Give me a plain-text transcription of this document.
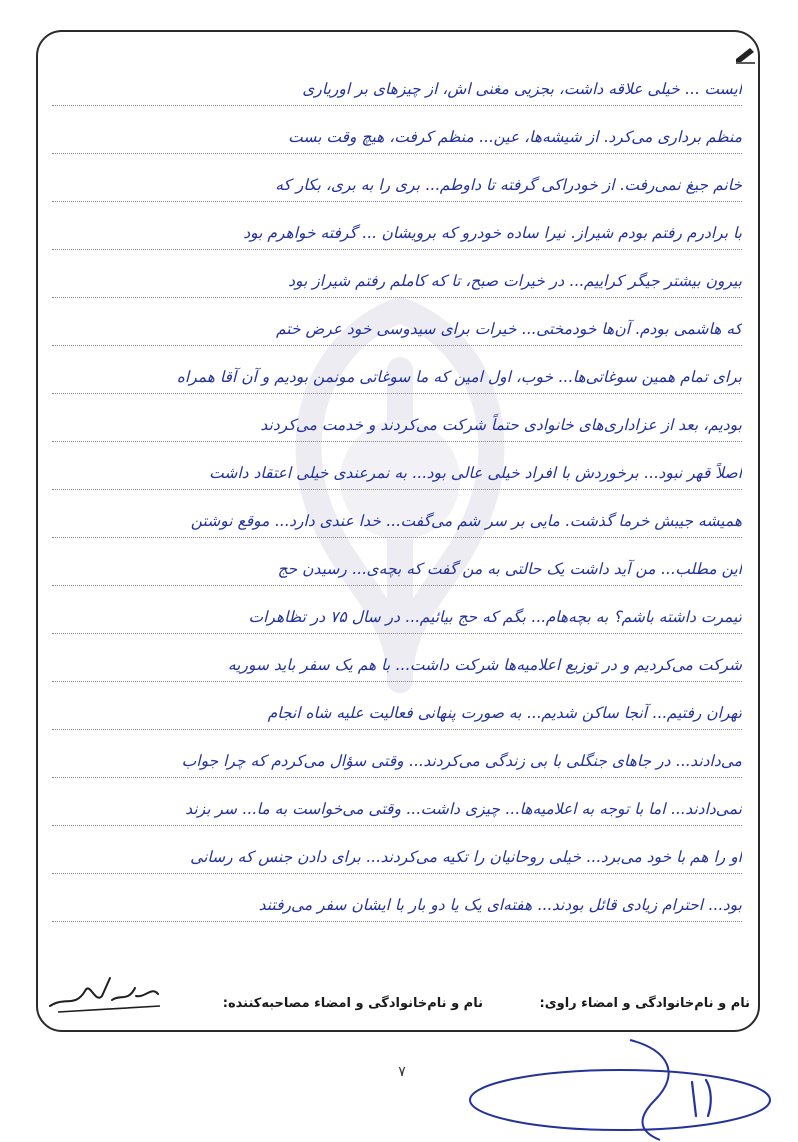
ایست ... خیلی علاقه داشت، بجزیی مغنی اش، از چیزهای بر اوریاری
منظم برداری می‌کرد. از شیشه‌ها، عین... منظم کرفت، هیچ وقت بست
خانم جیغ نمی‌رفت. از خودراکی گرفته تا داوطم... بری را به بری، بکار که
با برادرم رفتم بودم شیراز. نیرا ساده خودرو که برویشان ... گرفته خواهرم بود
بیرون بیشتر جیگر کراییم... در خیرات صبح، تا که کاملم رفتم شیراز بود
که هاشمی بودم. آن‌ها خودمختی... خیرات برای سیدوسی خود عرض ختم
برای تمام همین سوغاتی‌ها... خوب، اول امین که ما سوغاتی مونمن بودیم و آن آقا همراه
بودیم، بعد از عزاداری‌های خانوادی حتماً شرکت می‌کردند و خدمت می‌کردند
اصلاً قهر نبود... برخوردش با افراد خیلی عالی بود... به نمرعندی خیلی اعتقاد داشت
همیشه جیبش خرما گذشت. مایی بر سر شم می‌گفت... خدا عندی دارد... موقع نوشتن
این مطلب... من آید داشت یک حالتی به من گفت که بچه‌ی... رسیدن حج
تیمرت داشته باشم؟ به بچه‌هام... بگم که حج بیائیم... در سال ۷۵ در تظاهرات
شرکت می‌کردیم و در توزیع اعلامیه‌ها شرکت داشت... با هم یک سفر باید سوریه
تهران رفتیم... آنجا ساکن شدیم... به صورت پنهانی فعالیت علیه شاه انجام
می‌دادند... در جاهای جنگلی با بی زندگی می‌کردند... وقتی سؤال می‌کردم که چرا جواب
نمی‌دادند... اما با توجه به اعلامیه‌ها... چیزی داشت... وقتی می‌خواست به ما... سر بزند
او را هم با خود می‌برد... خیلی روحانیان را تکیه می‌کردند... برای دادن جنس که رسانی
بود... احترام زیادی قائل بودند... هفته‌ای یک یا دو بار با ایشان سفر می‌رفتند
نام و نام‌خانوادگی و امضاء راوی: نام و نام‌خانوادگی و امضاء مصاحبه‌کننده:
۷
